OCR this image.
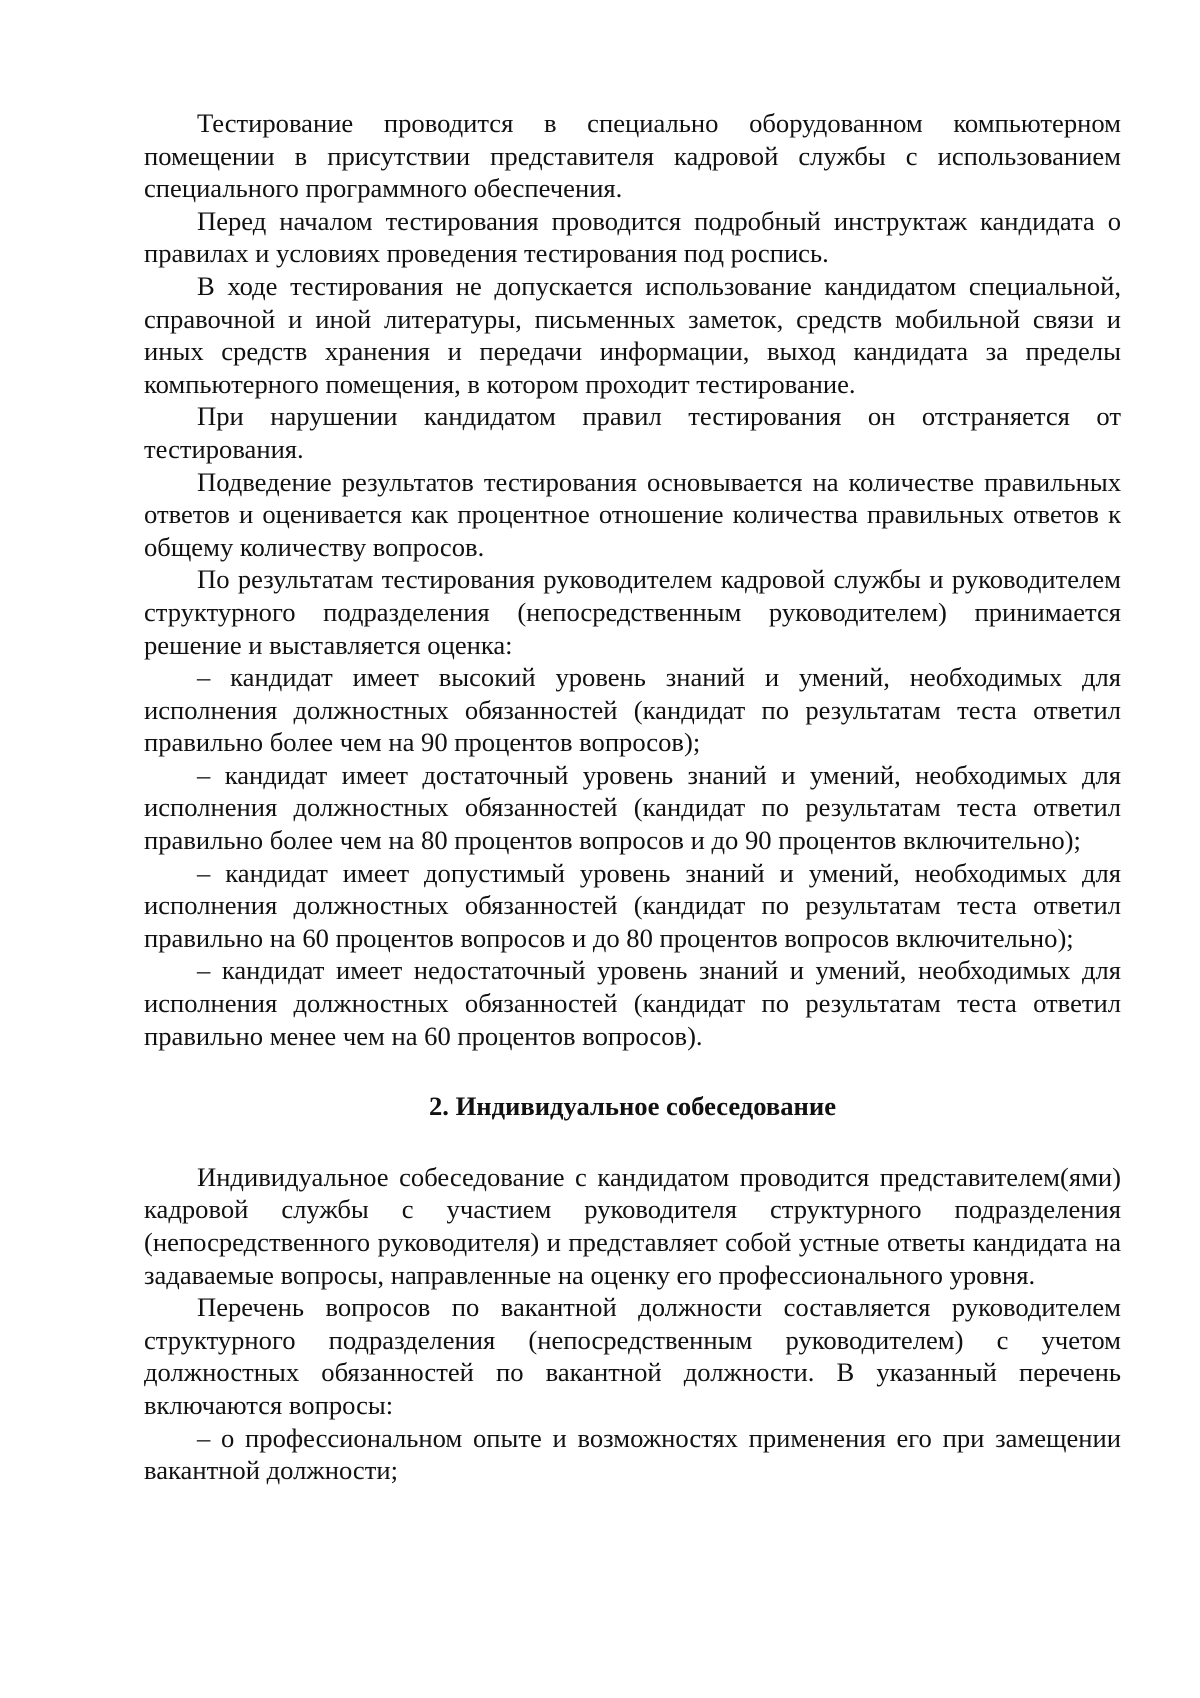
Тестирование проводится в специально оборудованном компьютерном помещении в присутствии представителя кадровой службы с использованием специального программного обеспечения.

Перед началом тестирования проводится подробный инструктаж кандидата о правилах и условиях проведения тестирования под роспись.

В ходе тестирования не допускается использование кандидатом специальной, справочной и иной литературы, письменных заметок, средств мобильной связи и иных средств хранения и передачи информации, выход кандидата за пределы компьютерного помещения, в котором проходит тестирование.

При нарушении кандидатом правил тестирования он отстраняется от тестирования.

Подведение результатов тестирования основывается на количестве правильных ответов и оценивается как процентное отношение количества правильных ответов к общему количеству вопросов.

По результатам тестирования руководителем кадровой службы и руководителем структурного подразделения (непосредственным руководителем) принимается решение и выставляется оценка:

– кандидат имеет высокий уровень знаний и умений, необходимых для исполнения должностных обязанностей (кандидат по результатам теста ответил правильно более чем на 90 процентов вопросов);

– кандидат имеет достаточный уровень знаний и умений, необходимых для исполнения должностных обязанностей (кандидат по результатам теста ответил правильно более чем на 80 процентов вопросов и до 90 процентов включительно);

– кандидат имеет допустимый уровень знаний и умений, необходимых для исполнения должностных обязанностей (кандидат по результатам теста ответил правильно на 60 процентов вопросов и до 80 процентов вопросов включительно);

– кандидат имеет недостаточный уровень знаний и умений, необходимых для исполнения должностных обязанностей (кандидат по результатам теста ответил правильно менее чем на 60 процентов вопросов).

2. Индивидуальное собеседование

Индивидуальное собеседование с кандидатом проводится представителем(ями) кадровой службы с участием руководителя структурного подразделения (непосредственного руководителя) и представляет собой устные ответы кандидата на задаваемые вопросы, направленные на оценку его профессионального уровня.

Перечень вопросов по вакантной должности составляется руководителем структурного подразделения (непосредственным руководителем) с учетом должностных обязанностей по вакантной должности. В указанный перечень включаются вопросы:

– о профессиональном опыте и возможностях применения его при замещении вакантной должности;
